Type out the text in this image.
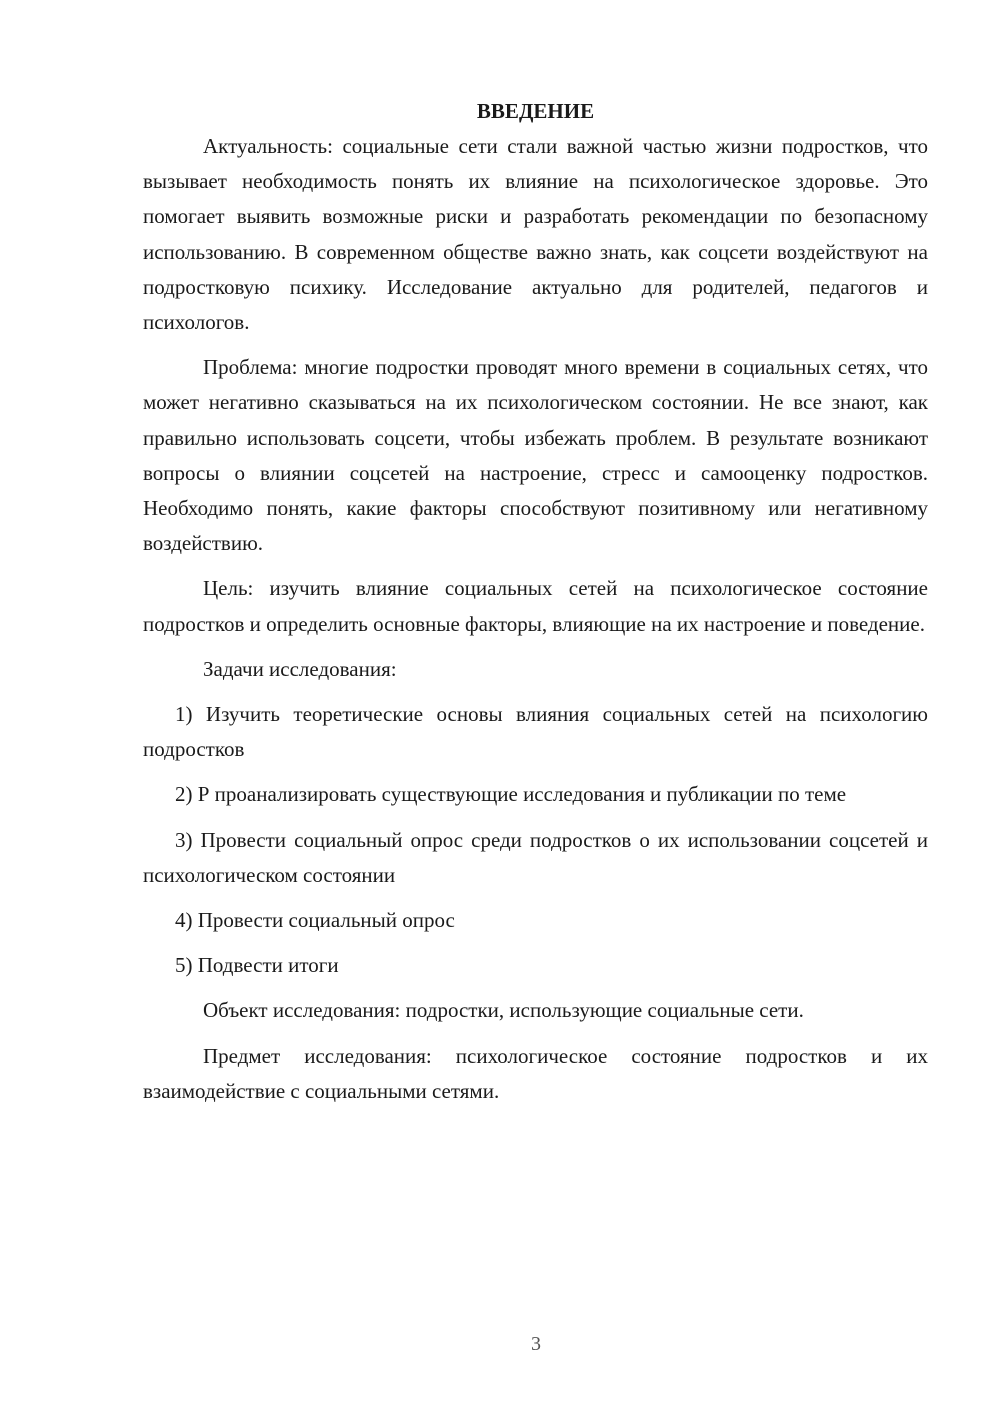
ВВЕДЕНИЕ

Актуальность: социальные сети стали важной частью жизни подростков, что вызывает необходимость понять их влияние на психологическое здоровье. Это помогает выявить возможные риски и разработать рекомендации по безопасному использованию. В современном обществе важно знать, как соцсети воздействуют на подростковую психику. Исследование актуально для родителей, педагогов и психологов.

Проблема: многие подростки проводят много времени в социальных сетях, что может негативно сказываться на их психологическом состоянии. Не все знают, как правильно использовать соцсети, чтобы избежать проблем. В результате возникают вопросы о влиянии соцсетей на настроение, стресс и самооценку подростков. Необходимо понять, какие факторы способствуют позитивному или негативному воздействию.

Цель: изучить влияние социальных сетей на психологическое состояние подростков и определить основные факторы, влияющие на их настроение и поведение.

Задачи исследования:

1) Изучить теоретические основы влияния социальных сетей на психологию подростков

2) Р проанализировать существующие исследования и публикации по теме

3) Провести социальный опрос среди подростков о их использовании соцсетей и психологическом состоянии

4) Провести социальный опрос

5) Подвести итоги

Объект исследования: подростки, использующие социальные сети.

Предмет исследования: психологическое состояние подростков и их взаимодействие с социальными сетями.

3
